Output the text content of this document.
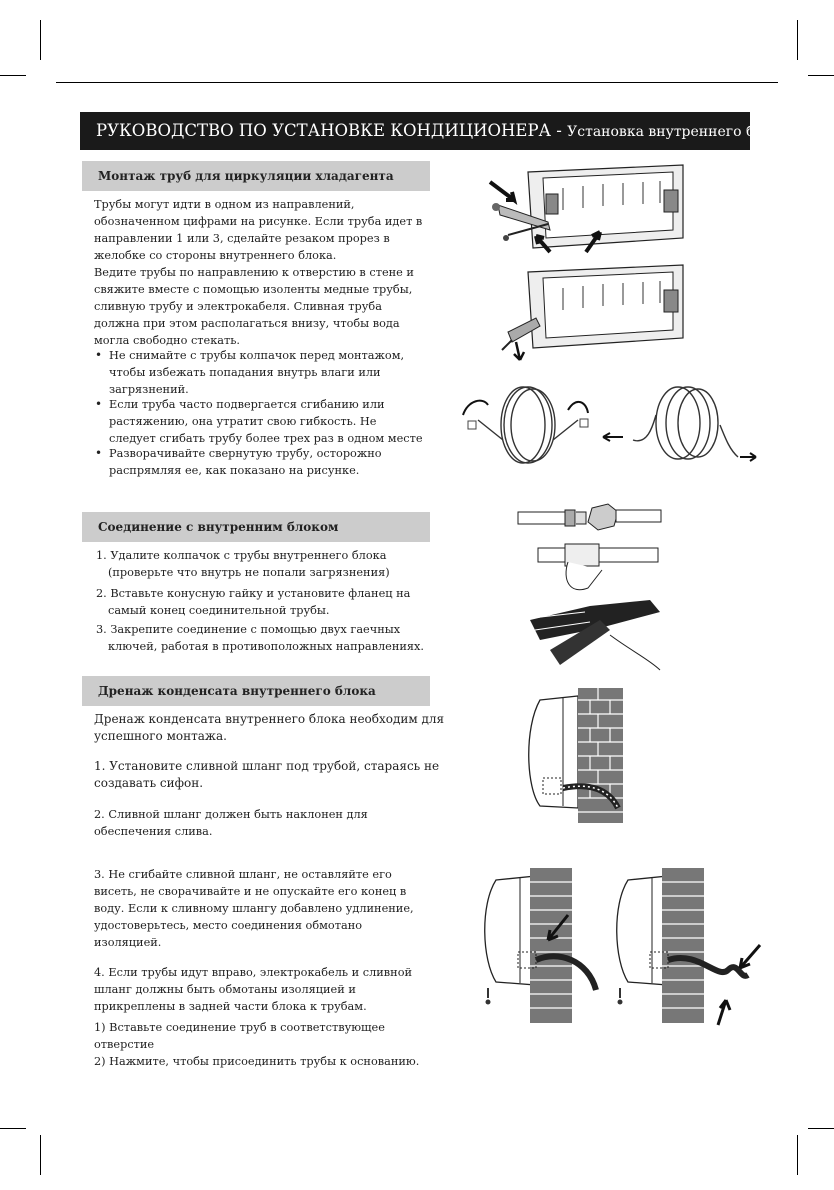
РУКОВОДСТВО ПО УСТАНОВКЕ КОНДИЦИОНЕРА - Установка внутреннего блока
Монтаж труб для циркуляции хладагента
Трубы могут идти в одном из направлений,
обозначенном цифрами на рисунке. Если труба идет в
направлении 1 или 3, сделайте резаком прорез в
желобке со стороны внутреннего блока.
Ведите трубы по направлению к отверстию в стене и
свяжите вместе с помощью изоленты медные трубы,
сливную трубу и электрокабеля. Сливная труба
должна при этом располагаться внизу, чтобы вода
могла свободно стекать.
• Не снимайте с трубы колпачок перед монтажом,
чтобы избежать попадания внутрь влаги или
загрязнений.
• Если труба часто подвергается сгибанию или
растяжению, она утратит свою гибкость. Не
следует сгибать трубу более трех раз в одном месте
• Разворачивайте свернутую трубу, осторожно
распрямляя ее, как показано на рисунке.
Соединение с внутренним блоком
1. Удалите колпачок с трубы внутреннего блока
(проверьте что внутрь не попали загрязнения)
2. Вставьте конусную гайку и установите фланец на
самый конец соединительной трубы.
3. Закрепите соединение с помощью двух гаечных
ключей, работая в противоположных направлениях.
Дренаж конденсата внутреннего блока
Дренаж конденсата внутреннего блока необходим для
успешного монтажа.
1. Установите сливной шланг под трубой, стараясь не
создавать сифон.
2. Сливной шланг должен быть наклонен для
обеспечения слива.
3. Не сгибайте сливной шланг, не оставляйте его
висеть, не сворачивайте и не опускайте его конец в
воду. Если к сливному шлангу добавлено удлинение,
удостоверьтесь, место соединения обмотано
изоляцией.
4. Если трубы идут вправо, электрокабель и сливной
шланг должны быть обмотаны изоляцией и
прикреплены в задней части блока к трубам.
1) Вставьте соединение труб в соответствующее
отверстие
2) Нажмите, чтобы присоединить трубы к основанию.
